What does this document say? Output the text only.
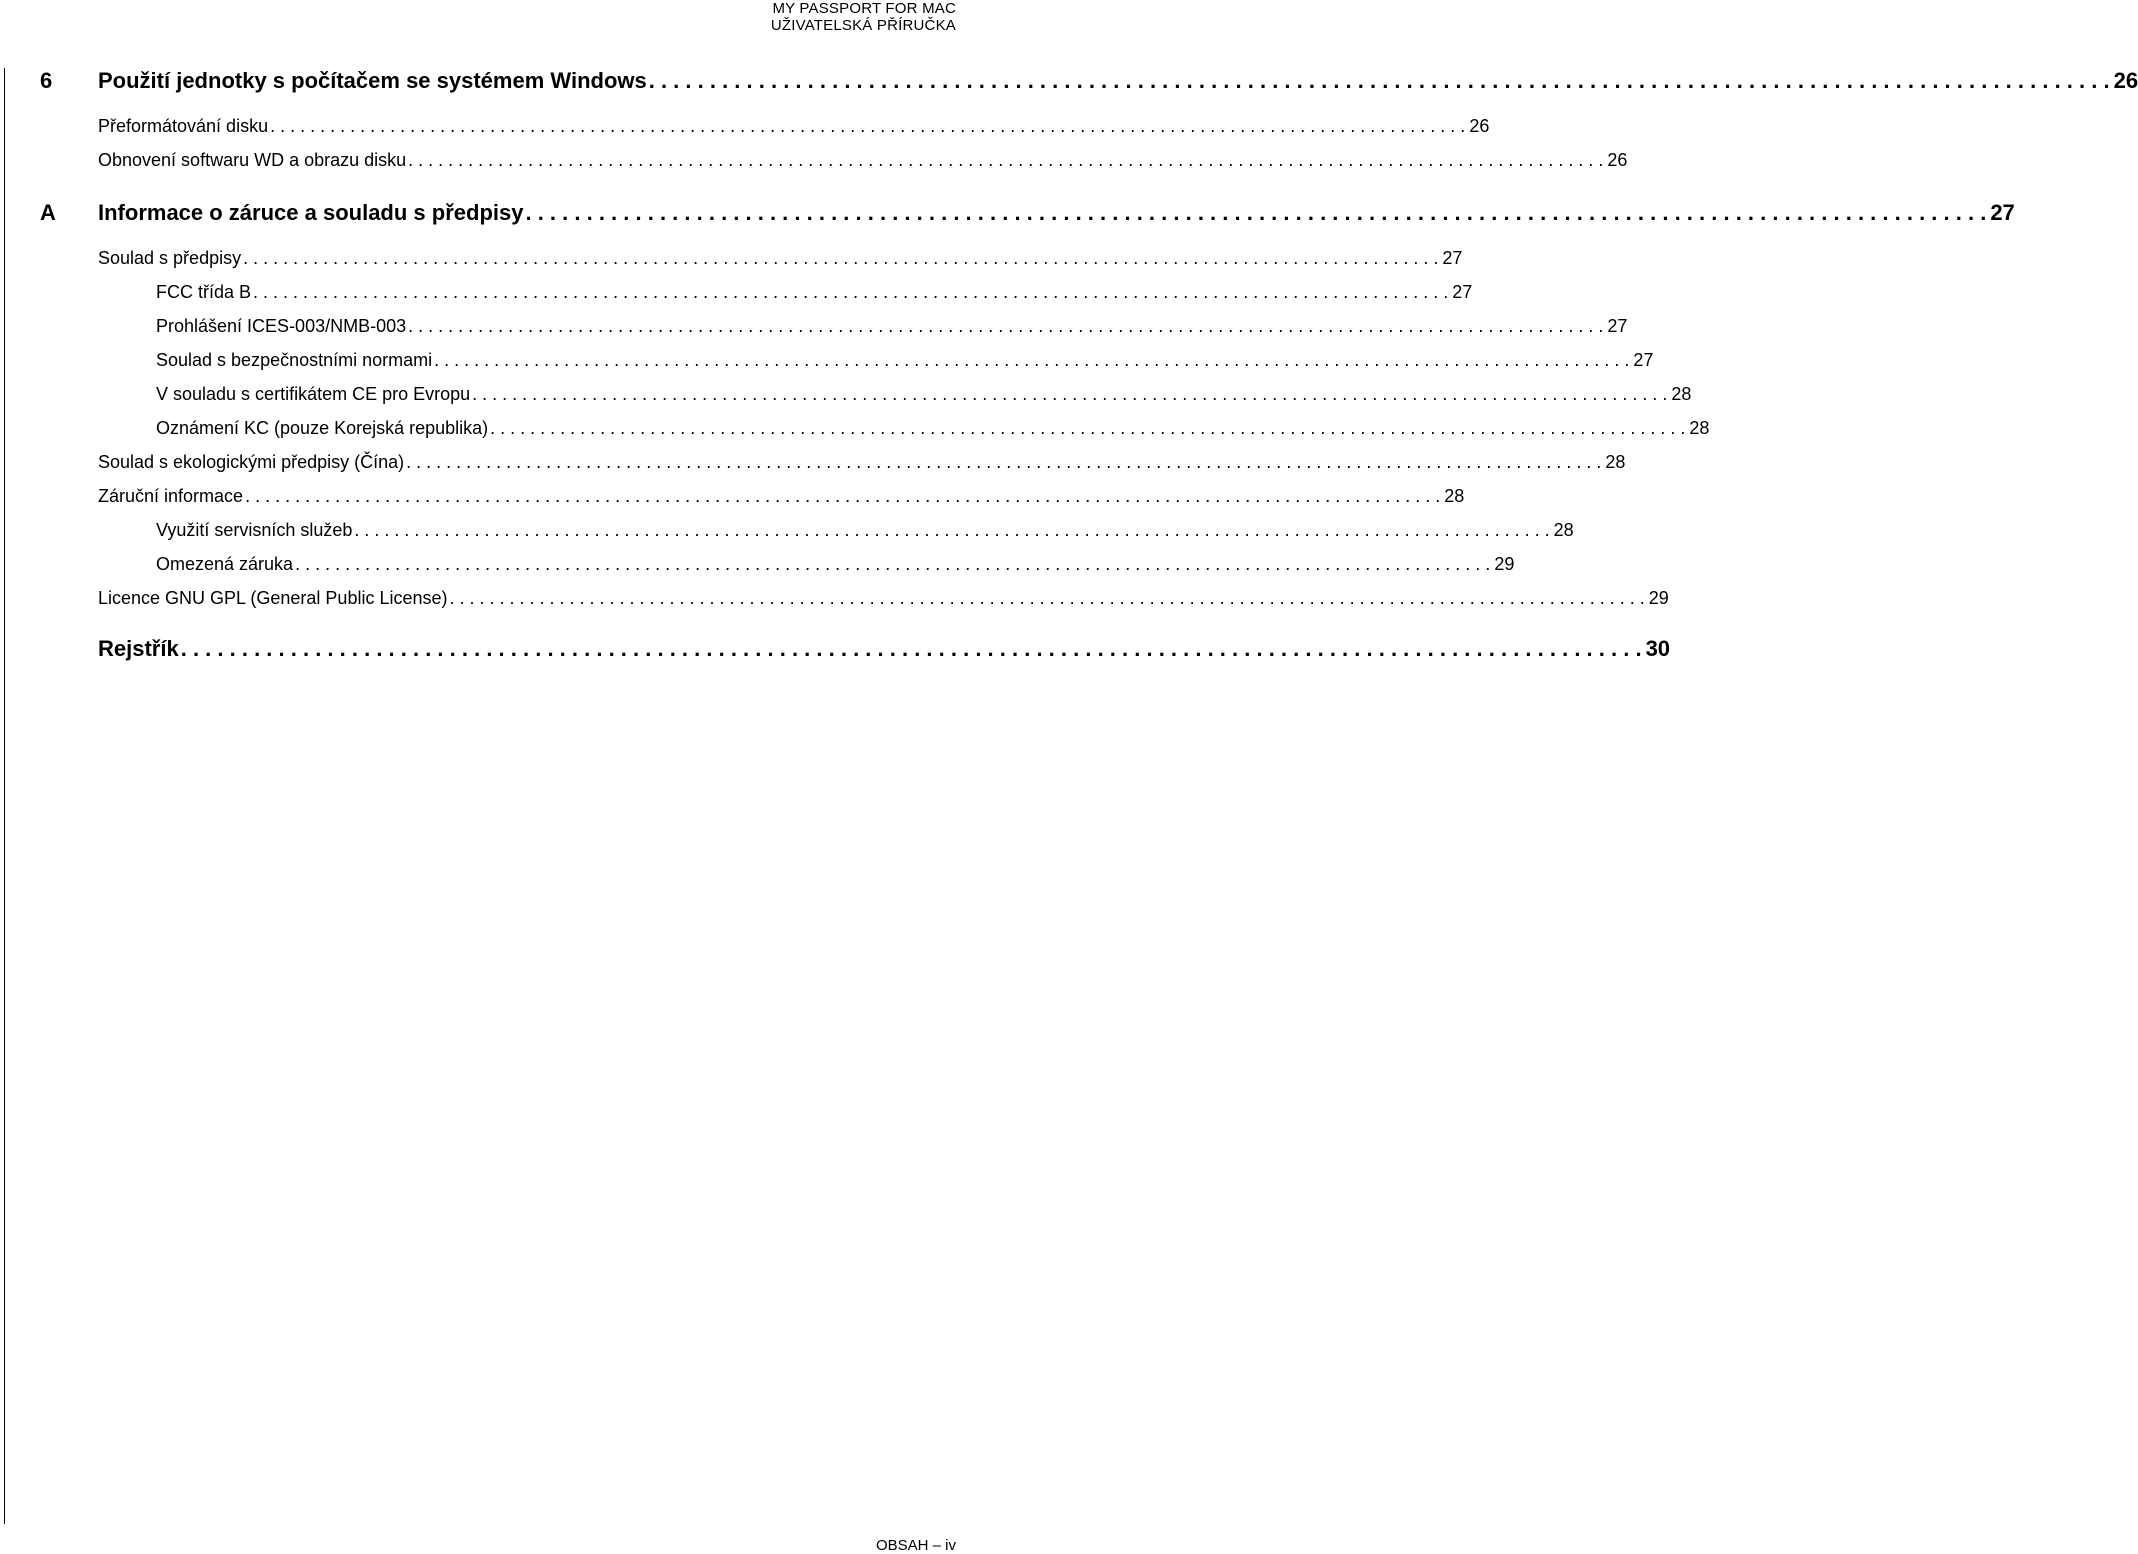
MY PASSPORT FOR MAC
UŽIVATELSKÁ PŘÍRUČKA
6 Použití jednotky s počítačem se systémem Windows . . . . . . . . . . . . . . . . . . . . . . . . . . . . . . . . . . . . . . . . . . . . . . . . . . . . . . . . . . . . . . . . . . . . . . . . . . . . . . . . . . . . . . . . . . . . . . . . . . . . . . . . . . . . . . . . . . . . . . . . 26
Přeformátování disku . . . . . . . . . . . . . . . . . . . . . . . . . . . . . . . . . . . . . . . . . . . . . . . . . . . . . . . . . . . . . . . . . . . . . . . . . . . . . . . . . . . . . . . . . . . . . . . . . . . . . . . . . . . . . . . . . . . . . . . . 26
Obnovení softwaru WD a obrazu disku . . . . . . . . . . . . . . . . . . . . . . . . . . . . . . . . . . . . . . . . . . . . . . . . . . . . . . . . . . . . . . . . . . . . . . . . . . . . . . . . . . . . . . . . . . . . . . . . . . . . . . . . . . . . . . . . . . . . . . . . 26
A Informace o záruce a souladu s předpisy . . . . . . . . . . . . . . . . . . . . . . . . . . . . . . . . . . . . . . . . . . . . . . . . . . . . . . . . . . . . . . . . . . . . . . . . . . . . . . . . . . . . . . . . . . . . . . . . . . . . . . . . . . . . . . . . . . . . . . . . 27
Soulad s předpisy . . . . . . . . . . . . . . . . . . . . . . . . . . . . . . . . . . . . . . . . . . . . . . . . . . . . . . . . . . . . . . . . . . . . . . . . . . . . . . . . . . . . . . . . . . . . . . . . . . . . . . . . . . . . . . . . . . . . . . . . 27
FCC třída B . . . . . . . . . . . . . . . . . . . . . . . . . . . . . . . . . . . . . . . . . . . . . . . . . . . . . . . . . . . . . . . . . . . . . . . . . . . . . . . . . . . . . . . . . . . . . . . . . . . . . . . . . . . . . . . . . . . . . . . . 27
Prohlášení ICES-003/NMB-003 . . . . . . . . . . . . . . . . . . . . . . . . . . . . . . . . . . . . . . . . . . . . . . . . . . . . . . . . . . . . . . . . . . . . . . . . . . . . . . . . . . . . . . . . . . . . . . . . . . . . . . . . . . . . . . . . . . . . . . . . 27
Soulad s bezpečnostními normami . . . . . . . . . . . . . . . . . . . . . . . . . . . . . . . . . . . . . . . . . . . . . . . . . . . . . . . . . . . . . . . . . . . . . . . . . . . . . . . . . . . . . . . . . . . . . . . . . . . . . . . . . . . . . . . . . . . . . . . . 27
V souladu s certifikátem CE pro Evropu . . . . . . . . . . . . . . . . . . . . . . . . . . . . . . . . . . . . . . . . . . . . . . . . . . . . . . . . . . . . . . . . . . . . . . . . . . . . . . . . . . . . . . . . . . . . . . . . . . . . . . . . . . . . . . . . . . . . . . . . 28
Oznámení KC (pouze Korejská republika) . . . . . . . . . . . . . . . . . . . . . . . . . . . . . . . . . . . . . . . . . . . . . . . . . . . . . . . . . . . . . . . . . . . . . . . . . . . . . . . . . . . . . . . . . . . . . . . . . . . . . . . . . . . . . . . . . . . . . . . . 28
Soulad s ekologickými předpisy (Čína) . . . . . . . . . . . . . . . . . . . . . . . . . . . . . . . . . . . . . . . . . . . . . . . . . . . . . . . . . . . . . . . . . . . . . . . . . . . . . . . . . . . . . . . . . . . . . . . . . . . . . . . . . . . . . . . . . . . . . . . . 28
Záruční informace . . . . . . . . . . . . . . . . . . . . . . . . . . . . . . . . . . . . . . . . . . . . . . . . . . . . . . . . . . . . . . . . . . . . . . . . . . . . . . . . . . . . . . . . . . . . . . . . . . . . . . . . . . . . . . . . . . . . . . . . 28
Využití servisních služeb . . . . . . . . . . . . . . . . . . . . . . . . . . . . . . . . . . . . . . . . . . . . . . . . . . . . . . . . . . . . . . . . . . . . . . . . . . . . . . . . . . . . . . . . . . . . . . . . . . . . . . . . . . . . . . . . . . . . . . . . 28
Omezená záruka . . . . . . . . . . . . . . . . . . . . . . . . . . . . . . . . . . . . . . . . . . . . . . . . . . . . . . . . . . . . . . . . . . . . . . . . . . . . . . . . . . . . . . . . . . . . . . . . . . . . . . . . . . . . . . . . . . . . . . . . 29
Licence GNU GPL (General Public License) . . . . . . . . . . . . . . . . . . . . . . . . . . . . . . . . . . . . . . . . . . . . . . . . . . . . . . . . . . . . . . . . . . . . . . . . . . . . . . . . . . . . . . . . . . . . . . . . . . . . . . . . . . . . . . . . . . . . . . . . 29
Rejstřík . . . . . . . . . . . . . . . . . . . . . . . . . . . . . . . . . . . . . . . . . . . . . . . . . . . . . . . . . . . . . . . . . . . . . . . . . . . . . . . . . . . . . . . . . . . . . . . . . . . . . . . . . . . . . . . . . . . . . . . . 30
OBSAH – iv
